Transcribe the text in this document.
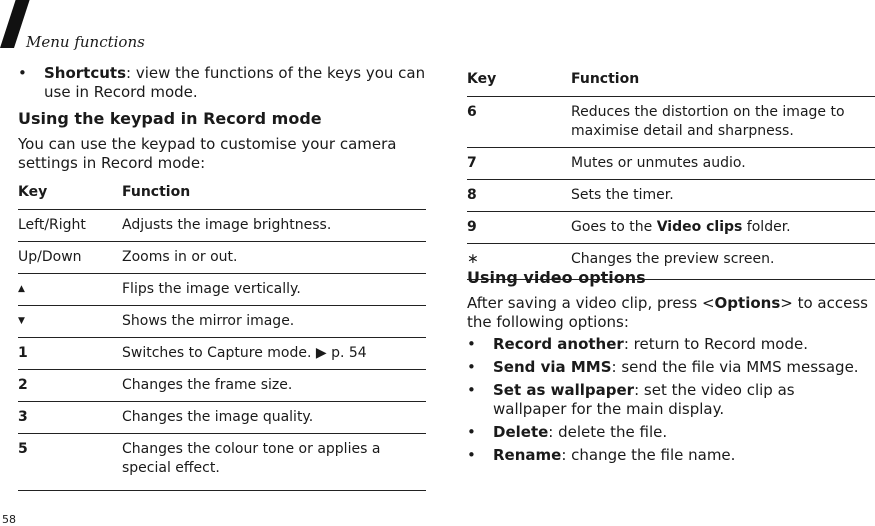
Menu functions
•	Shortcuts: view the functions of the keys you can use in Record mode.
Using the keypad in Record mode
You can use the keypad to customise your camera settings in Record mode:
Key	Function
Left/Right	Adjusts the image brightness.
Up/Down	Zooms in or out.
▲	Flips the image vertically.
▼	Shows the mirror image.
1	Switches to Capture mode. ▶ p. 54
2	Changes the frame size.
3	Changes the image quality.
5	Changes the colour tone or applies a special effect.
Key	Function
6	Reduces the distortion on the image to maximise detail and sharpness.
7	Mutes or unmutes audio.
8	Sets the timer.
9	Goes to the Video clips folder.
∗	Changes the preview screen.
Using video options
After saving a video clip, press <Options> to access the following options:
•	Record another: return to Record mode.
•	Send via MMS: send the file via MMS message.
•	Set as wallpaper: set the video clip as wallpaper for the main display.
•	Delete: delete the file.
•	Rename: change the file name.
58
